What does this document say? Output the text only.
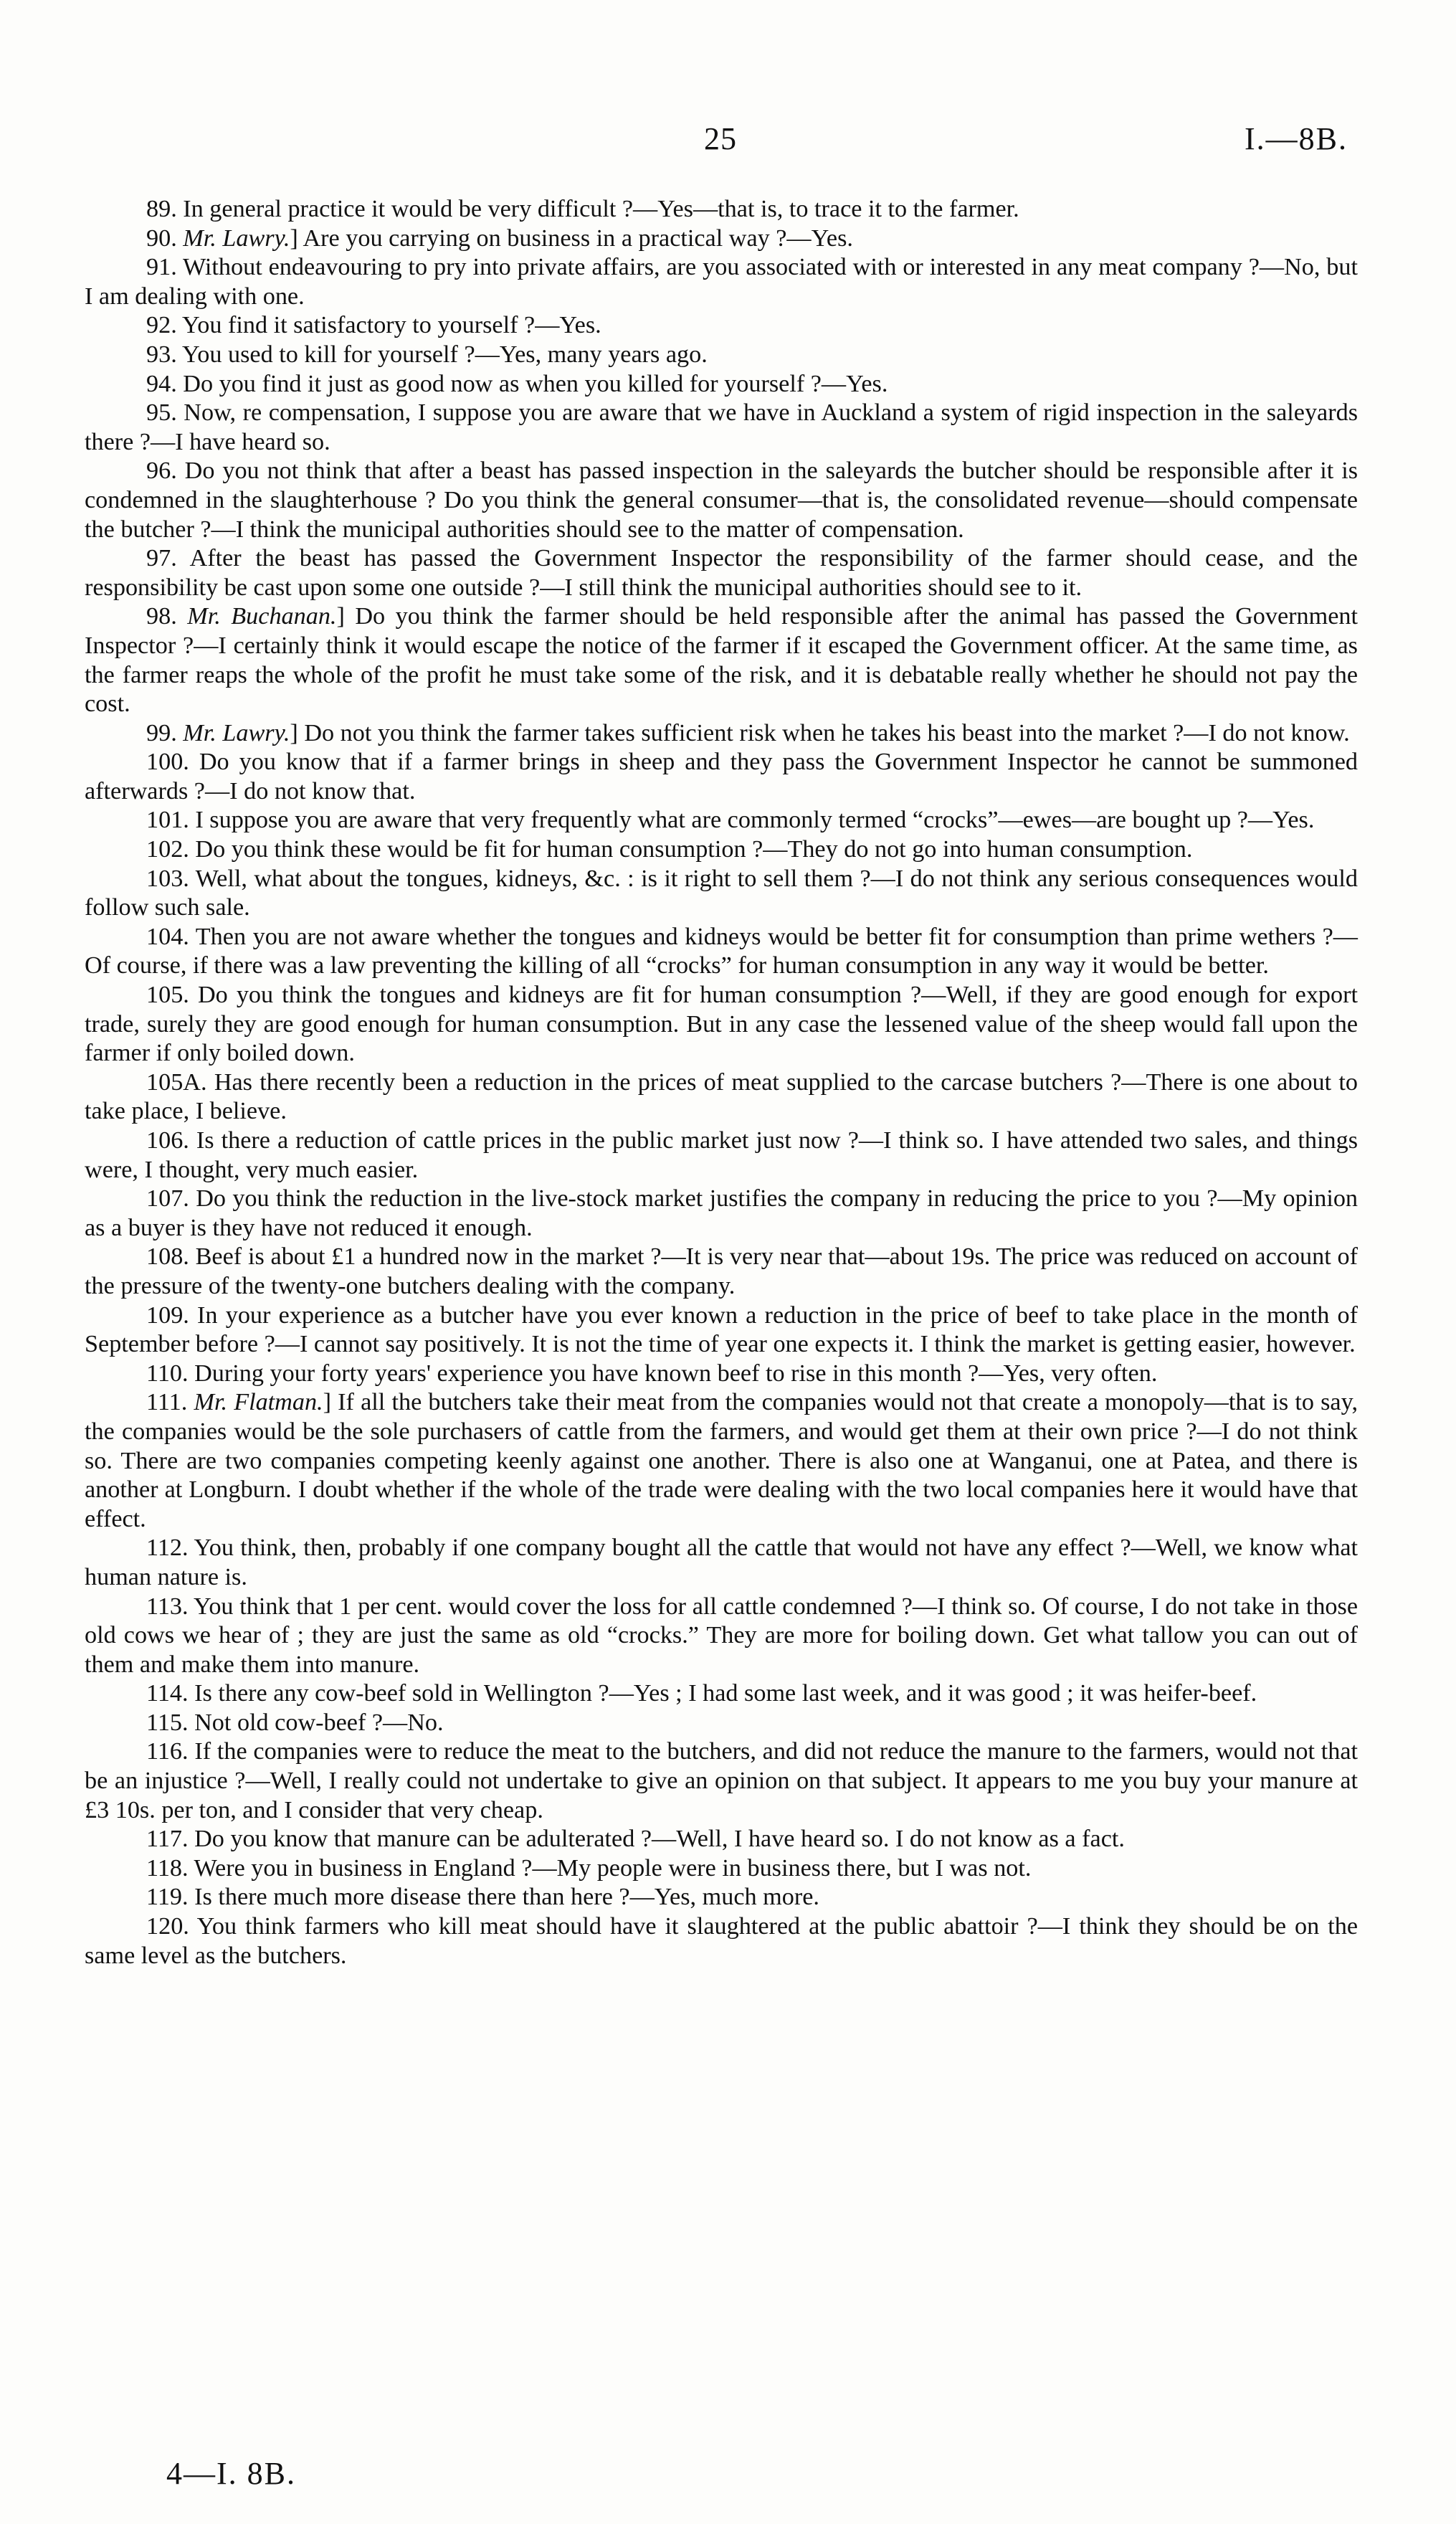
25	I.—8B.

89. In general practice it would be very difficult ?—Yes—that is, to trace it to the farmer.

90. Mr. Lawry.] Are you carrying on business in a practical way ?—Yes.

91. Without endeavouring to pry into private affairs, are you associated with or interested in any meat company ?—No, but I am dealing with one.

92. You find it satisfactory to yourself ?—Yes.

93. You used to kill for yourself ?—Yes, many years ago.

94. Do you find it just as good now as when you killed for yourself ?—Yes.

95. Now, re compensation, I suppose you are aware that we have in Auckland a system of rigid inspection in the saleyards there ?—I have heard so.

96. Do you not think that after a beast has passed inspection in the saleyards the butcher should be responsible after it is condemned in the slaughterhouse ? Do you think the general consumer—that is, the consolidated revenue—should compensate the butcher ?—I think the municipal authorities should see to the matter of compensation.

97. After the beast has passed the Government Inspector the responsibility of the farmer should cease, and the responsibility be cast upon some one outside ?—I still think the municipal authorities should see to it.

98. Mr. Buchanan.] Do you think the farmer should be held responsible after the animal has passed the Government Inspector ?—I certainly think it would escape the notice of the farmer if it escaped the Government officer. At the same time, as the farmer reaps the whole of the profit he must take some of the risk, and it is debatable really whether he should not pay the cost.

99. Mr. Lawry.] Do not you think the farmer takes sufficient risk when he takes his beast into the market ?—I do not know.

100. Do you know that if a farmer brings in sheep and they pass the Government Inspector he cannot be summoned afterwards ?—I do not know that.

101. I suppose you are aware that very frequently what are commonly termed “crocks”—ewes—are bought up ?—Yes.

102. Do you think these would be fit for human consumption ?—They do not go into human consumption.

103. Well, what about the tongues, kidneys, &c. : is it right to sell them ?—I do not think any serious consequences would follow such sale.

104. Then you are not aware whether the tongues and kidneys would be better fit for consumption than prime wethers ?—Of course, if there was a law preventing the killing of all “crocks” for human consumption in any way it would be better.

105. Do you think the tongues and kidneys are fit for human consumption ?—Well, if they are good enough for export trade, surely they are good enough for human consumption. But in any case the lessened value of the sheep would fall upon the farmer if only boiled down.

105A. Has there recently been a reduction in the prices of meat supplied to the carcase butchers ?—There is one about to take place, I believe.

106. Is there a reduction of cattle prices in the public market just now ?—I think so. I have attended two sales, and things were, I thought, very much easier.

107. Do you think the reduction in the live-stock market justifies the company in reducing the price to you ?—My opinion as a buyer is they have not reduced it enough.

108. Beef is about £1 a hundred now in the market ?—It is very near that—about 19s. The price was reduced on account of the pressure of the twenty-one butchers dealing with the company.

109. In your experience as a butcher have you ever known a reduction in the price of beef to take place in the month of September before ?—I cannot say positively. It is not the time of year one expects it. I think the market is getting easier, however.

110. During your forty years' experience you have known beef to rise in this month ?—Yes, very often.

111. Mr. Flatman.] If all the butchers take their meat from the companies would not that create a monopoly—that is to say, the companies would be the sole purchasers of cattle from the farmers, and would get them at their own price ?—I do not think so. There are two companies competing keenly against one another. There is also one at Wanganui, one at Patea, and there is another at Longburn. I doubt whether if the whole of the trade were dealing with the two local companies here it would have that effect.

112. You think, then, probably if one company bought all the cattle that would not have any effect ?—Well, we know what human nature is.

113. You think that 1 per cent. would cover the loss for all cattle condemned ?—I think so. Of course, I do not take in those old cows we hear of ; they are just the same as old “crocks.” They are more for boiling down. Get what tallow you can out of them and make them into manure.

114. Is there any cow-beef sold in Wellington ?—Yes ; I had some last week, and it was good ; it was heifer-beef.

115. Not old cow-beef ?—No.

116. If the companies were to reduce the meat to the butchers, and did not reduce the manure to the farmers, would not that be an injustice ?—Well, I really could not undertake to give an opinion on that subject. It appears to me you buy your manure at £3 10s. per ton, and I consider that very cheap.

117. Do you know that manure can be adulterated ?—Well, I have heard so. I do not know as a fact.

118. Were you in business in England ?—My people were in business there, but I was not.

119. Is there much more disease there than here ?—Yes, much more.

120. You think farmers who kill meat should have it slaughtered at the public abattoir ?—I think they should be on the same level as the butchers.

4—I. 8B.
